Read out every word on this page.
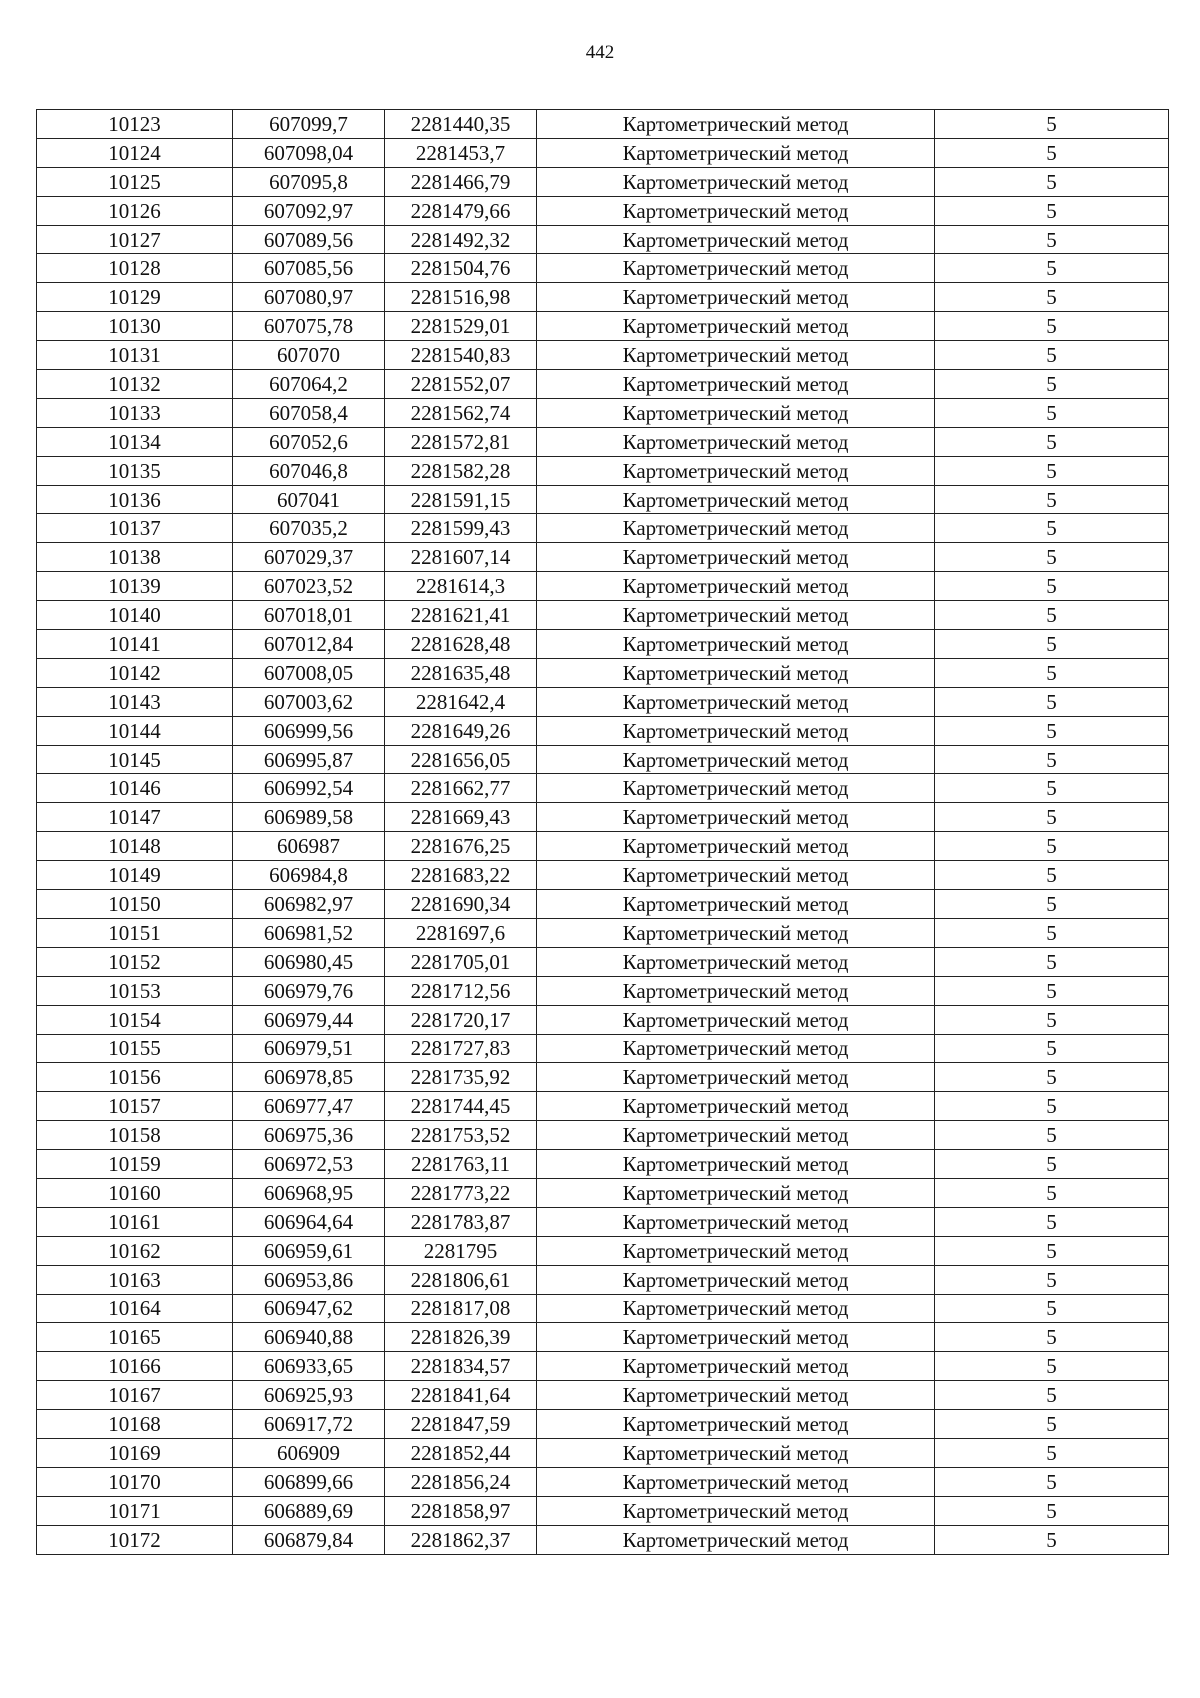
442
10123	607099,7	2281440,35	Картометрический метод	5
10124	607098,04	2281453,7	Картометрический метод	5
10125	607095,8	2281466,79	Картометрический метод	5
10126	607092,97	2281479,66	Картометрический метод	5
10127	607089,56	2281492,32	Картометрический метод	5
10128	607085,56	2281504,76	Картометрический метод	5
10129	607080,97	2281516,98	Картометрический метод	5
10130	607075,78	2281529,01	Картометрический метод	5
10131	607070	2281540,83	Картометрический метод	5
10132	607064,2	2281552,07	Картометрический метод	5
10133	607058,4	2281562,74	Картометрический метод	5
10134	607052,6	2281572,81	Картометрический метод	5
10135	607046,8	2281582,28	Картометрический метод	5
10136	607041	2281591,15	Картометрический метод	5
10137	607035,2	2281599,43	Картометрический метод	5
10138	607029,37	2281607,14	Картометрический метод	5
10139	607023,52	2281614,3	Картометрический метод	5
10140	607018,01	2281621,41	Картометрический метод	5
10141	607012,84	2281628,48	Картометрический метод	5
10142	607008,05	2281635,48	Картометрический метод	5
10143	607003,62	2281642,4	Картометрический метод	5
10144	606999,56	2281649,26	Картометрический метод	5
10145	606995,87	2281656,05	Картометрический метод	5
10146	606992,54	2281662,77	Картометрический метод	5
10147	606989,58	2281669,43	Картометрический метод	5
10148	606987	2281676,25	Картометрический метод	5
10149	606984,8	2281683,22	Картометрический метод	5
10150	606982,97	2281690,34	Картометрический метод	5
10151	606981,52	2281697,6	Картометрический метод	5
10152	606980,45	2281705,01	Картометрический метод	5
10153	606979,76	2281712,56	Картометрический метод	5
10154	606979,44	2281720,17	Картометрический метод	5
10155	606979,51	2281727,83	Картометрический метод	5
10156	606978,85	2281735,92	Картометрический метод	5
10157	606977,47	2281744,45	Картометрический метод	5
10158	606975,36	2281753,52	Картометрический метод	5
10159	606972,53	2281763,11	Картометрический метод	5
10160	606968,95	2281773,22	Картометрический метод	5
10161	606964,64	2281783,87	Картометрический метод	5
10162	606959,61	2281795	Картометрический метод	5
10163	606953,86	2281806,61	Картометрический метод	5
10164	606947,62	2281817,08	Картометрический метод	5
10165	606940,88	2281826,39	Картометрический метод	5
10166	606933,65	2281834,57	Картометрический метод	5
10167	606925,93	2281841,64	Картометрический метод	5
10168	606917,72	2281847,59	Картометрический метод	5
10169	606909	2281852,44	Картометрический метод	5
10170	606899,66	2281856,24	Картометрический метод	5
10171	606889,69	2281858,97	Картометрический метод	5
10172	606879,84	2281862,37	Картометрический метод	5
